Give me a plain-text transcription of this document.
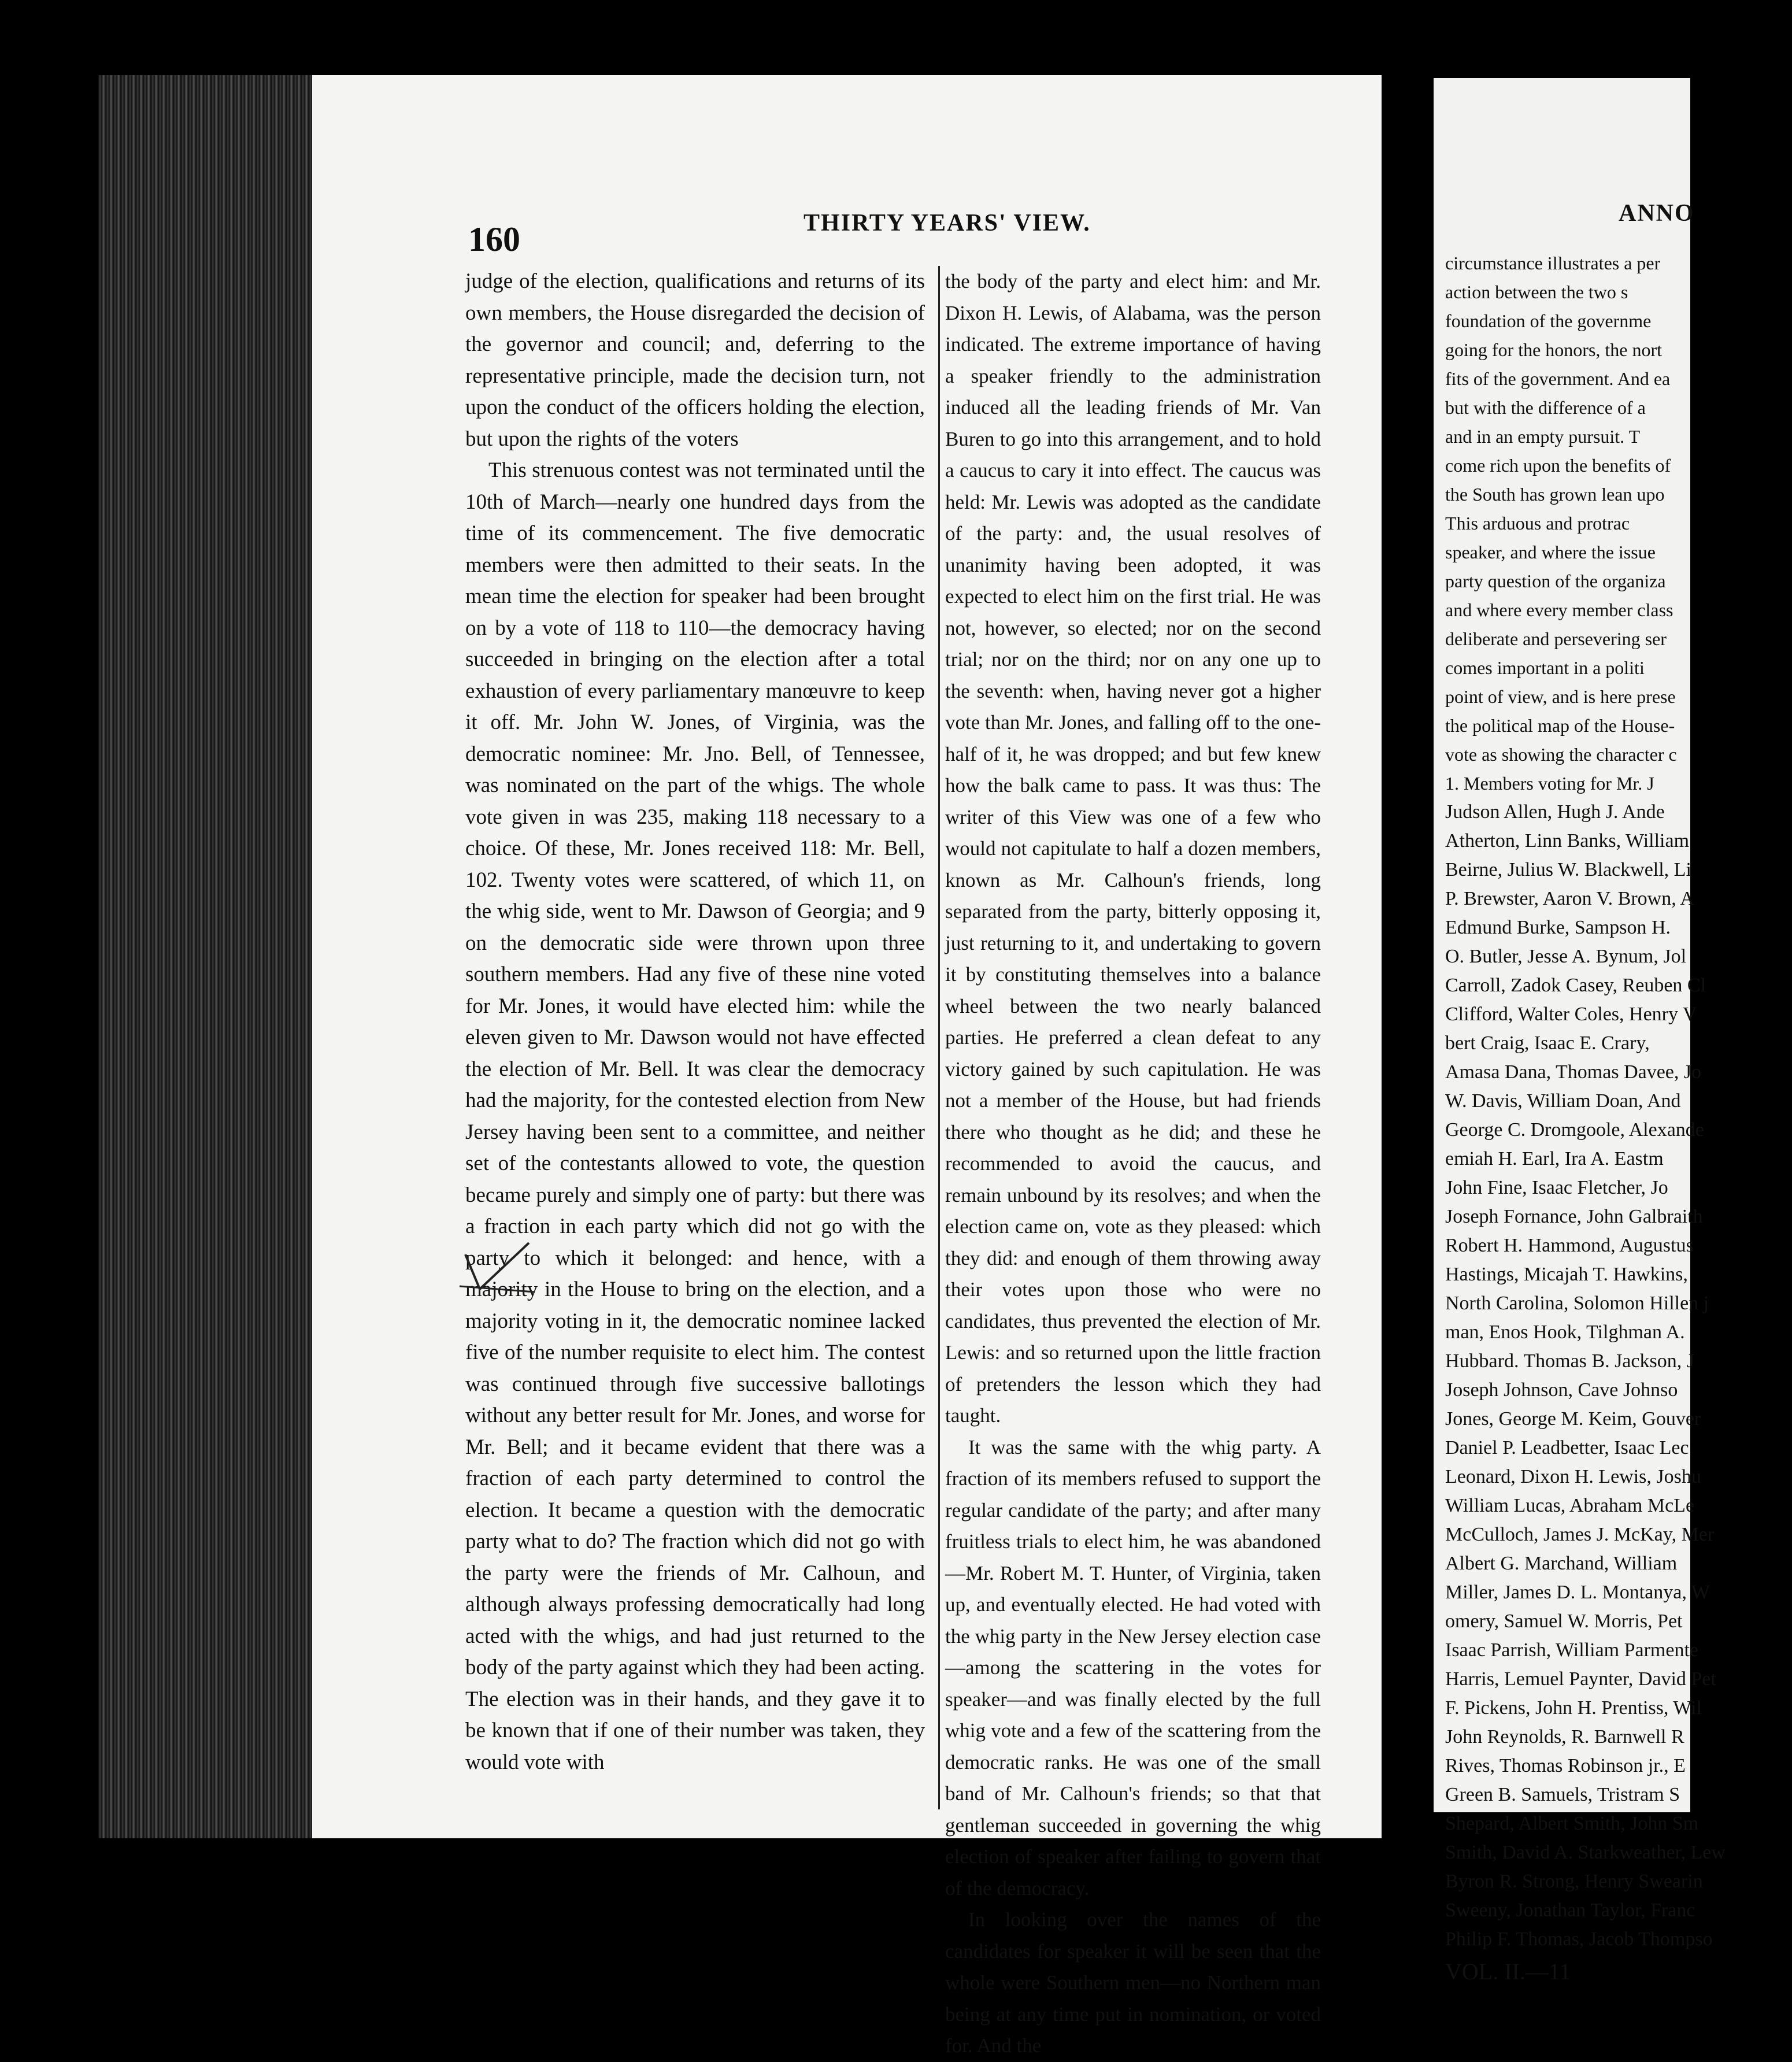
160	THIRTY YEARS' VIEW.

judge of the election, qualifications and returns of its own members, the House disregarded the decision of the governor and council; and, deferring to the representative principle, made the decision turn, not upon the conduct of the officers holding the election, but upon the rights of the voters

This strenuous contest was not terminated until the 10th of March—nearly one hundred days from the time of its commencement. The five democratic members were then admitted to their seats. In the mean time the election for speaker had been brought on by a vote of 118 to 110—the democracy having succeeded in bringing on the election after a total exhaustion of every parliamentary manœuvre to keep it off. Mr. John W. Jones, of Virginia, was the democratic nominee: Mr. Jno. Bell, of Tennessee, was nominated on the part of the whigs. The whole vote given in was 235, making 118 necessary to a choice. Of these, Mr. Jones received 118: Mr. Bell, 102. Twenty votes were scattered, of which 11, on the whig side, went to Mr. Dawson of Georgia; and 9 on the democratic side were thrown upon three southern members. Had any five of these nine voted for Mr. Jones, it would have elected him: while the eleven given to Mr. Dawson would not have effected the election of Mr. Bell. It was clear the democracy had the majority, for the contested election from New Jersey having been sent to a committee, and neither set of the contestants allowed to vote, the question became purely and simply one of party: but there was a fraction in each party which did not go with the party to which it belonged: and hence, with a majority in the House to bring on the election, and a majority voting in it, the democratic nominee lacked five of the number requisite to elect him. The contest was continued through five successive ballotings without any better result for Mr. Jones, and worse for Mr. Bell; and it became evident that there was a fraction of each party determined to control the election. It became a question with the democratic party what to do? The fraction which did not go with the party were the friends of Mr. Calhoun, and although always professing democratically had long acted with the whigs, and had just returned to the body of the party against which they had been acting. The election was in their hands, and they gave it to be known that if one of their number was taken, they would vote with

the body of the party and elect him: and Mr. Dixon H. Lewis, of Alabama, was the person indicated. The extreme importance of having a speaker friendly to the administration induced all the leading friends of Mr. Van Buren to go into this arrangement, and to hold a caucus to cary it into effect. The caucus was held: Mr. Lewis was adopted as the candidate of the party: and, the usual resolves of unanimity having been adopted, it was expected to elect him on the first trial. He was not, however, so elected; nor on the second trial; nor on the third; nor on any one up to the seventh: when, having never got a higher vote than Mr. Jones, and falling off to the one-half of it, he was dropped; and but few knew how the balk came to pass. It was thus: The writer of this View was one of a few who would not capitulate to half a dozen members, known as Mr. Calhoun's friends, long separated from the party, bitterly opposing it, just returning to it, and undertaking to govern it by constituting themselves into a balance wheel between the two nearly balanced parties. He preferred a clean defeat to any victory gained by such capitulation. He was not a member of the House, but had friends there who thought as he did; and these he recommended to avoid the caucus, and remain unbound by its resolves; and when the election came on, vote as they pleased: which they did: and enough of them throwing away their votes upon those who were no candidates, thus prevented the election of Mr. Lewis: and so returned upon the little fraction of pretenders the lesson which they had taught.

It was the same with the whig party. A fraction of its members refused to support the regular candidate of the party; and after many fruitless trials to elect him, he was abandoned—Mr. Robert M. T. Hunter, of Virginia, taken up, and eventually elected. He had voted with the whig party in the New Jersey election case—among the scattering in the votes for speaker—and was finally elected by the full whig vote and a few of the scattering from the democratic ranks. He was one of the small band of Mr. Calhoun's friends; so that that gentleman succeeded in governing the whig election of speaker after failing to govern that of the democracy.

In looking over the names of the candidates for speaker it will be seen that the whole were Southern men—no Northern man being at any time put in nomination, or voted for. And the

ANNO
circumstance illustrates a per
action between the two s
foundation of the governme
going for the honors, the nort
fits of the government. And ea
but with the difference of a
and in an empty pursuit. T
come rich upon the benefits of
the South has grown lean upo
This arduous and protrac
speaker, and where the issue
party question of the organiza
and where every member class
deliberate and persevering ser
comes important in a politi
point of view, and is here prese
the political map of the House-
vote as showing the character c
1. Members voting for Mr. J
Judson Allen, Hugh J. Ande
Atherton, Linn Banks, William
Beirne, Julius W. Blackwell, Li
P. Brewster, Aaron V. Brown, A
Edmund Burke, Sampson H.
O. Butler, Jesse A. Bynum, Jol
Carroll, Zadok Casey, Reuben Cl
Clifford, Walter Coles, Henry V
bert Craig, Isaac E. Crary,
Amasa Dana, Thomas Davee, Jo
W. Davis, William Doan, And
George C. Dromgoole, Alexande
emiah H. Earl, Ira A. Eastm
John Fine, Isaac Fletcher, Jo
Joseph Fornance, John Galbraith
Robert H. Hammond, Augustus
Hastings, Micajah T. Hawkins,
North Carolina, Solomon Hillen j
man, Enos Hook, Tilghman A.
Hubbard. Thomas B. Jackson, J
Joseph Johnson, Cave Johnso
Jones, George M. Keim, Gouver
Daniel P. Leadbetter, Isaac Lec
Leonard, Dixon H. Lewis, Joshu
William Lucas, Abraham McLe
McCulloch, James J. McKay, Mer
Albert G. Marchand, William
Miller, James D. L. Montanya, W
omery, Samuel W. Morris, Pet
Isaac Parrish, William Parmente
Harris, Lemuel Paynter, David Pet
F. Pickens, John H. Prentiss, Wil
John Reynolds, R. Barnwell R
Rives, Thomas Robinson jr., E
Green B. Samuels, Tristram S
Shepard, Albert Smith, John Sm
Smith, David A. Starkweather, Lew
Byron R. Strong, Henry Swearin
Sweeny, Jonathan Taylor, Franc
Philip F. Thomas, Jacob Thompso
VOL. II.—11
